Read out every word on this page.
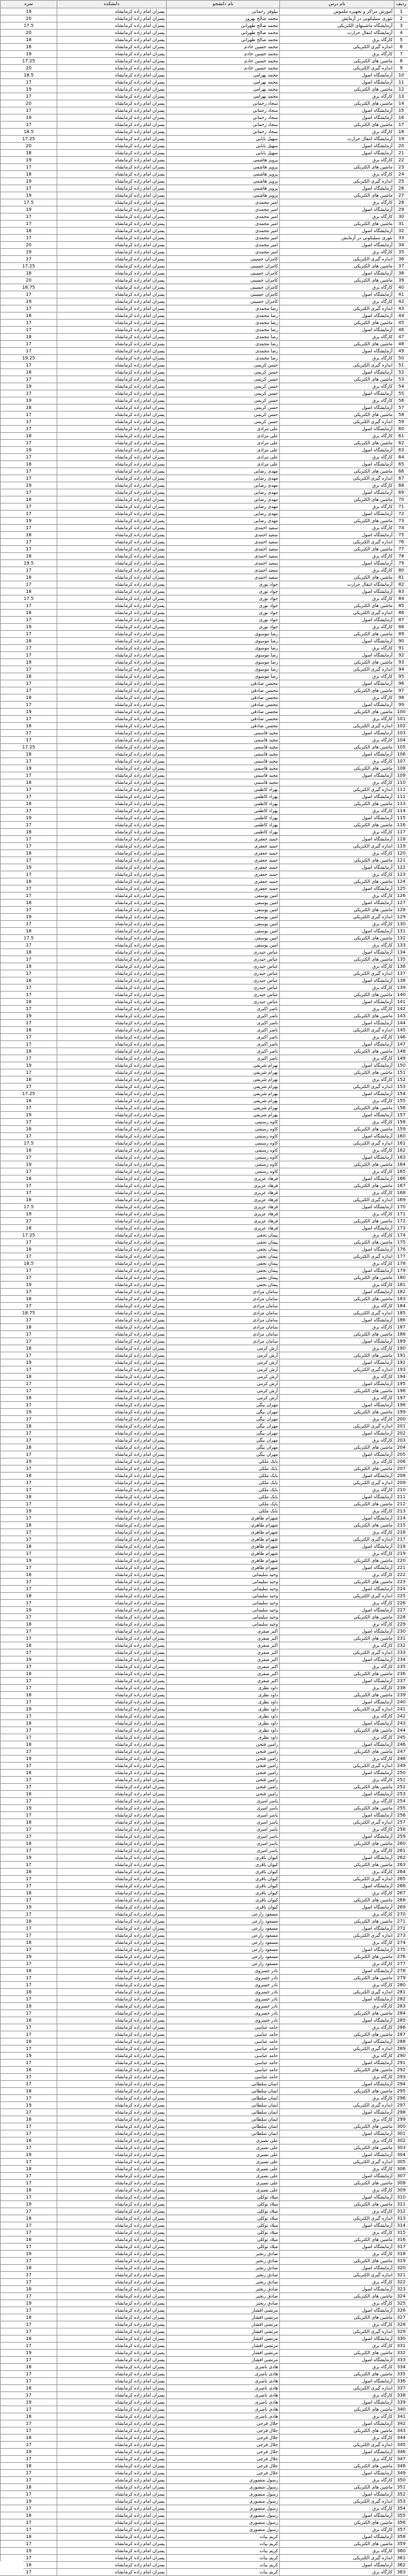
ردیف	نام درس	نام دانشجو	دانشکده	نمره
1	آموزش مراکز و تجهیزه ملموس	نیلوفر رحمانی	پسران امام زاده کرمانشاه	19
2	تئوری سیلیکونی در آزمایش	محمد صالح بهروز	پسران امام زاده کرمانشاه	20
3	آزمایشگاه ماشینهای الکتریکی	محمد صالح طهرانی	پسران امام زاده کرمانشاه	17.5
4	آزمایشگاه انتقال حرارت	محمد صالح طهرانی	پسران امام زاده کرمانشاه	20
5	کارگاه برق	محمد صالح طهرانی	پسران امام زاده کرمانشاه	18
6	اندازه گیری الکتریکی	محمد حسین خادم	پسران امام زاده کرمانشاه	18
7	کارگاه برق	محمد حسین خادم	پسران امام زاده کرمانشاه	19
8	ماشین های الکتریکی	محمد حسین خادم	پسران امام زاده کرمانشاه	17.25
9	اندازه گیری الکتریکی	محمد حسین خادم	پسران امام زاده کرمانشاه	20
10	آزمایشگاه اصول	محمد بهرامی	پسران امام زاده کرمانشاه	18.5
11	آزمایشگاه اصول	محمد بهرامی	پسران امام زاده کرمانشاه	17
12	ماشین های الکتریکی	محمد بهرامی	پسران امام زاده کرمانشاه	19
13	کارگاه برق	محمد بهرامی	پسران امام زاده کرمانشاه	17
14	ماشین های الکتریکی	سجاد رحمانی	پسران امام زاده کرمانشاه	20
15	آزمایشگاه اصول	سجاد رحمانی	پسران امام زاده کرمانشاه	17
16	آزمایشگاه اصول	سجاد رحمانی	پسران امام زاده کرمانشاه	19
17	ماشین های الکتریکی	سجاد رحمانی	پسران امام زاده کرمانشاه	17
18	کارگاه برق	سجاد رحمانی	پسران امام زاده کرمانشاه	18.5
19	آزمایشگاه انتقال حرارت	سهیل بابایی	پسران امام زاده کرمانشاه	17.25
20	آزمایشگاه اصول	سهیل بابایی	پسران امام زاده کرمانشاه	20
21	آزمایشگاه اصول	سهیل بابایی	پسران امام زاده کرمانشاه	18
22	کارگاه برق	پرویز هاشمی	پسران امام زاده کرمانشاه	19
23	ماشین های الکتریکی	پرویز هاشمی	پسران امام زاده کرمانشاه	17
24	کارگاه برق	پرویز هاشمی	پسران امام زاده کرمانشاه	18
25	اندازه گیری الکتریکی	پرویز هاشمی	پسران امام زاده کرمانشاه	19
26	آزمایشگاه اصول	پرویز هاشمی	پسران امام زاده کرمانشاه	17
27	ماشین های الکتریکی	پرویز هاشمی	پسران امام زاده کرمانشاه	19
28	کارگاه برق	امیر محمدی	پسران امام زاده کرمانشاه	17.5
29	آزمایشگاه اصول	امیر محمدی	پسران امام زاده کرمانشاه	19
30	کارگاه برق	امیر محمدی	پسران امام زاده کرمانشاه	17
31	ماشین های الکتریکی	امیر محمدی	پسران امام زاده کرمانشاه	17
32	آزمایشگاه اصول	امیر محمدی	پسران امام زاده کرمانشاه	18
33	تئوری سیلیکونی در آزمایش	امیر محمدی	پسران امام زاده کرمانشاه	17
34	آزمایشگاه اصول	امیر محمدی	پسران امام زاده کرمانشاه	20
35	کارگاه برق	امیر محمدی	پسران امام زاده کرمانشاه	19
36	اندازه گیری الکتریکی	کامران حسینی	پسران امام زاده کرمانشاه	17
37	ماشین های الکتریکی	کامران حسینی	پسران امام زاده کرمانشاه	17.25
38	آزمایشگاه اصول	کامران حسینی	پسران امام زاده کرمانشاه	18
39	ماشین های الکتریکی	کامران حسینی	پسران امام زاده کرمانشاه	20
40	کارگاه برق	کامران حسینی	پسران امام زاده کرمانشاه	18.75
41	آزمایشگاه اصول	کامران حسینی	پسران امام زاده کرمانشاه	17
42	کارگاه برق	کامران حسینی	پسران امام زاده کرمانشاه	19
43	اندازه گیری الکتریکی	رضا محمدی	پسران امام زاده کرمانشاه	17
44	آزمایشگاه اصول	رضا محمدی	پسران امام زاده کرمانشاه	18
45	ماشین های الکتریکی	رضا محمدی	پسران امام زاده کرمانشاه	17
46	آزمایشگاه اصول	رضا محمدی	پسران امام زاده کرمانشاه	17
47	کارگاه برق	رضا محمدی	پسران امام زاده کرمانشاه	18
48	ماشین های الکتریکی	رضا محمدی	پسران امام زاده کرمانشاه	17
49	آزمایشگاه اصول	رضا محمدی	پسران امام زاده کرمانشاه	17
50	کارگاه برق	رضا محمدی	پسران امام زاده کرمانشاه	19.25
51	اندازه گیری الکتریکی	حسن کریمی	پسران امام زاده کرمانشاه	17
52	آزمایشگاه اصول	حسن کریمی	پسران امام زاده کرمانشاه	18
53	ماشین های الکتریکی	حسن کریمی	پسران امام زاده کرمانشاه	17
54	کارگاه برق	حسن کریمی	پسران امام زاده کرمانشاه	19
55	آزمایشگاه اصول	حسن کریمی	پسران امام زاده کرمانشاه	17
56	کارگاه برق	حسن کریمی	پسران امام زاده کرمانشاه	19
57	آزمایشگاه اصول	حسن کریمی	پسران امام زاده کرمانشاه	18
58	ماشین های الکتریکی	حسن کریمی	پسران امام زاده کرمانشاه	17
59	اندازه گیری الکتریکی	حسن کریمی	پسران امام زاده کرمانشاه	17
60	آزمایشگاه اصول	علی مرادی	پسران امام زاده کرمانشاه	17
61	کارگاه برق	علی مرادی	پسران امام زاده کرمانشاه	18
62	ماشین های الکتریکی	علی مرادی	پسران امام زاده کرمانشاه	17
63	آزمایشگاه اصول	علی مرادی	پسران امام زاده کرمانشاه	19
64	کارگاه برق	علی مرادی	پسران امام زاده کرمانشاه	17
65	آزمایشگاه اصول	علی مرادی	پسران امام زاده کرمانشاه	18
66	ماشین های الکتریکی	مهدی رضایی	پسران امام زاده کرمانشاه	17
67	اندازه گیری الکتریکی	مهدی رضایی	پسران امام زاده کرمانشاه	17
68	کارگاه برق	مهدی رضایی	پسران امام زاده کرمانشاه	19
69	آزمایشگاه اصول	مهدی رضایی	پسران امام زاده کرمانشاه	17
70	ماشین های الکتریکی	مهدی رضایی	پسران امام زاده کرمانشاه	18
71	کارگاه برق	مهدی رضایی	پسران امام زاده کرمانشاه	17
72	آزمایشگاه اصول	مهدی رضایی	پسران امام زاده کرمانشاه	17
73	ماشین های الکتریکی	مهدی رضایی	پسران امام زاده کرمانشاه	19
74	کارگاه برق	سعید احمدی	پسران امام زاده کرمانشاه	17
75	آزمایشگاه اصول	سعید احمدی	پسران امام زاده کرمانشاه	18
76	اندازه گیری الکتریکی	سعید احمدی	پسران امام زاده کرمانشاه	17
77	ماشین های الکتریکی	سعید احمدی	پسران امام زاده کرمانشاه	17
78	کارگاه برق	سعید احمدی	پسران امام زاده کرمانشاه	18
79	آزمایشگاه اصول	سعید احمدی	پسران امام زاده کرمانشاه	19.5
80	کارگاه برق	سعید احمدی	پسران امام زاده کرمانشاه	17
81	ماشین های الکتریکی	سعید احمدی	پسران امام زاده کرمانشاه	18
82	آزمایشگاه انتقال حرارت	جواد نوری	پسران امام زاده کرمانشاه	17
83	آزمایشگاه اصول	جواد نوری	پسران امام زاده کرمانشاه	18
84	کارگاه برق	جواد نوری	پسران امام زاده کرمانشاه	17.5
85	ماشین های الکتریکی	جواد نوری	پسران امام زاده کرمانشاه	17
86	اندازه گیری الکتریکی	جواد نوری	پسران امام زاده کرمانشاه	18
87	آزمایشگاه اصول	جواد نوری	پسران امام زاده کرمانشاه	17
88	کارگاه برق	جواد نوری	پسران امام زاده کرمانشاه	19
89	ماشین های الکتریکی	رضا موسوی	پسران امام زاده کرمانشاه	17
90	آزمایشگاه اصول	رضا موسوی	پسران امام زاده کرمانشاه	18
91	کارگاه برق	رضا موسوی	پسران امام زاده کرمانشاه	17
92	آزمایشگاه اصول	رضا موسوی	پسران امام زاده کرمانشاه	17
93	ماشین های الکتریکی	رضا موسوی	پسران امام زاده کرمانشاه	19
94	اندازه گیری الکتریکی	رضا موسوی	پسران امام زاده کرمانشاه	17
95	کارگاه برق	رضا موسوی	پسران امام زاده کرمانشاه	18
96	آزمایشگاه اصول	محسن صادقی	پسران امام زاده کرمانشاه	17
97	ماشین های الکتریکی	محسن صادقی	پسران امام زاده کرمانشاه	17
98	کارگاه برق	محسن صادقی	پسران امام زاده کرمانشاه	18
99	آزمایشگاه اصول	محسن صادقی	پسران امام زاده کرمانشاه	17
100	ماشین های الکتریکی	محسن صادقی	پسران امام زاده کرمانشاه	19
101	کارگاه برق	محسن صادقی	پسران امام زاده کرمانشاه	17
102	اندازه گیری الکتریکی	محسن صادقی	پسران امام زاده کرمانشاه	18
103	آزمایشگاه اصول	مجید قاسمی	پسران امام زاده کرمانشاه	17
104	کارگاه برق	مجید قاسمی	پسران امام زاده کرمانشاه	17
105	ماشین های الکتریکی	مجید قاسمی	پسران امام زاده کرمانشاه	17.25
106	آزمایشگاه اصول	مجید قاسمی	پسران امام زاده کرمانشاه	18
107	کارگاه برق	مجید قاسمی	پسران امام زاده کرمانشاه	17
108	ماشین های الکتریکی	مجید قاسمی	پسران امام زاده کرمانشاه	19
109	آزمایشگاه اصول	مجید قاسمی	پسران امام زاده کرمانشاه	17
110	کارگاه برق	مجید قاسمی	پسران امام زاده کرمانشاه	18
111	اندازه گیری الکتریکی	بهزاد کاظمی	پسران امام زاده کرمانشاه	17
112	آزمایشگاه اصول	بهزاد کاظمی	پسران امام زاده کرمانشاه	17
113	ماشین های الکتریکی	بهزاد کاظمی	پسران امام زاده کرمانشاه	18
114	کارگاه برق	بهزاد کاظمی	پسران امام زاده کرمانشاه	17
115	آزمایشگاه اصول	بهزاد کاظمی	پسران امام زاده کرمانشاه	19
116	ماشین های الکتریکی	بهزاد کاظمی	پسران امام زاده کرمانشاه	17
117	کارگاه برق	بهزاد کاظمی	پسران امام زاده کرمانشاه	18
118	آزمایشگاه اصول	حمید جعفری	پسران امام زاده کرمانشاه	17
119	اندازه گیری الکتریکی	حمید جعفری	پسران امام زاده کرمانشاه	17
120	کارگاه برق	حمید جعفری	پسران امام زاده کرمانشاه	18
121	ماشین های الکتریکی	حمید جعفری	پسران امام زاده کرمانشاه	17
122	آزمایشگاه اصول	حمید جعفری	پسران امام زاده کرمانشاه	19
123	کارگاه برق	حمید جعفری	پسران امام زاده کرمانشاه	17
124	ماشین های الکتریکی	حمید جعفری	پسران امام زاده کرمانشاه	18
125	آزمایشگاه اصول	حمید جعفری	پسران امام زاده کرمانشاه	17
126	کارگاه برق	امین یوسفی	پسران امام زاده کرمانشاه	17
127	آزمایشگاه اصول	امین یوسفی	پسران امام زاده کرمانشاه	18
128	ماشین های الکتریکی	امین یوسفی	پسران امام زاده کرمانشاه	17
129	اندازه گیری الکتریکی	امین یوسفی	پسران امام زاده کرمانشاه	19
130	کارگاه برق	امین یوسفی	پسران امام زاده کرمانشاه	17
131	آزمایشگاه اصول	امین یوسفی	پسران امام زاده کرمانشاه	18
132	ماشین های الکتریکی	امین یوسفی	پسران امام زاده کرمانشاه	17.5
133	کارگاه برق	امین یوسفی	پسران امام زاده کرمانشاه	17
134	آزمایشگاه اصول	عباس حیدری	پسران امام زاده کرمانشاه	18
135	ماشین های الکتریکی	عباس حیدری	پسران امام زاده کرمانشاه	17
136	کارگاه برق	عباس حیدری	پسران امام زاده کرمانشاه	19
137	اندازه گیری الکتریکی	عباس حیدری	پسران امام زاده کرمانشاه	17
138	آزمایشگاه اصول	عباس حیدری	پسران امام زاده کرمانشاه	18
139	کارگاه برق	عباس حیدری	پسران امام زاده کرمانشاه	17
140	ماشین های الکتریکی	عباس حیدری	پسران امام زاده کرمانشاه	17
141	آزمایشگاه اصول	عباس حیدری	پسران امام زاده کرمانشاه	18
142	کارگاه برق	ناصر اکبری	پسران امام زاده کرمانشاه	17
143	ماشین های الکتریکی	ناصر اکبری	پسران امام زاده کرمانشاه	19
144	آزمایشگاه اصول	ناصر اکبری	پسران امام زاده کرمانشاه	17
145	اندازه گیری الکتریکی	ناصر اکبری	پسران امام زاده کرمانشاه	18
146	کارگاه برق	ناصر اکبری	پسران امام زاده کرمانشاه	17
147	آزمایشگاه اصول	ناصر اکبری	پسران امام زاده کرمانشاه	17
148	ماشین های الکتریکی	ناصر اکبری	پسران امام زاده کرمانشاه	18
149	کارگاه برق	ناصر اکبری	پسران امام زاده کرمانشاه	17
150	آزمایشگاه اصول	بهرام شریفی	پسران امام زاده کرمانشاه	19
151	ماشین های الکتریکی	بهرام شریفی	پسران امام زاده کرمانشاه	17
152	کارگاه برق	بهرام شریفی	پسران امام زاده کرمانشاه	18
153	اندازه گیری الکتریکی	بهرام شریفی	پسران امام زاده کرمانشاه	17
154	آزمایشگاه اصول	بهرام شریفی	پسران امام زاده کرمانشاه	17.25
155	کارگاه برق	بهرام شریفی	پسران امام زاده کرمانشاه	18
156	ماشین های الکتریکی	بهرام شریفی	پسران امام زاده کرمانشاه	17
157	آزمایشگاه اصول	بهرام شریفی	پسران امام زاده کرمانشاه	19
158	کارگاه برق	کاوه رستمی	پسران امام زاده کرمانشاه	17
159	ماشین های الکتریکی	کاوه رستمی	پسران امام زاده کرمانشاه	18
160	آزمایشگاه اصول	کاوه رستمی	پسران امام زاده کرمانشاه	17
161	اندازه گیری الکتریکی	کاوه رستمی	پسران امام زاده کرمانشاه	17.5
162	کارگاه برق	کاوه رستمی	پسران امام زاده کرمانشاه	18
163	آزمایشگاه اصول	کاوه رستمی	پسران امام زاده کرمانشاه	17
164	ماشین های الکتریکی	کاوه رستمی	پسران امام زاده کرمانشاه	19
165	کارگاه برق	کاوه رستمی	پسران امام زاده کرمانشاه	17
166	آزمایشگاه اصول	فرهاد عزیزی	پسران امام زاده کرمانشاه	18
167	ماشین های الکتریکی	فرهاد عزیزی	پسران امام زاده کرمانشاه	17
168	کارگاه برق	فرهاد عزیزی	پسران امام زاده کرمانشاه	17
169	اندازه گیری الکتریکی	فرهاد عزیزی	پسران امام زاده کرمانشاه	18
170	آزمایشگاه اصول	فرهاد عزیزی	پسران امام زاده کرمانشاه	17.5
171	کارگاه برق	فرهاد عزیزی	پسران امام زاده کرمانشاه	19
172	ماشین های الکتریکی	فرهاد عزیزی	پسران امام زاده کرمانشاه	17
173	آزمایشگاه اصول	فرهاد عزیزی	پسران امام زاده کرمانشاه	18
174	کارگاه برق	پیمان نجفی	پسران امام زاده کرمانشاه	17.25
175	ماشین های الکتریکی	پیمان نجفی	پسران امام زاده کرمانشاه	17
176	آزمایشگاه اصول	پیمان نجفی	پسران امام زاده کرمانشاه	18
177	اندازه گیری الکتریکی	پیمان نجفی	پسران امام زاده کرمانشاه	17
178	کارگاه برق	پیمان نجفی	پسران امام زاده کرمانشاه	18.5
179	آزمایشگاه اصول	پیمان نجفی	پسران امام زاده کرمانشاه	17
180	ماشین های الکتریکی	پیمان نجفی	پسران امام زاده کرمانشاه	17
181	کارگاه برق	پیمان نجفی	پسران امام زاده کرمانشاه	19
182	آزمایشگاه اصول	سامان مرادی	پسران امام زاده کرمانشاه	17
183	ماشین های الکتریکی	سامان مرادی	پسران امام زاده کرمانشاه	18
184	کارگاه برق	سامان مرادی	پسران امام زاده کرمانشاه	17
185	اندازه گیری الکتریکی	سامان مرادی	پسران امام زاده کرمانشاه	18.75
186	آزمایشگاه اصول	سامان مرادی	پسران امام زاده کرمانشاه	17
187	کارگاه برق	سامان مرادی	پسران امام زاده کرمانشاه	18
188	ماشین های الکتریکی	سامان مرادی	پسران امام زاده کرمانشاه	17
189	آزمایشگاه اصول	سامان مرادی	پسران امام زاده کرمانشاه	17
190	کارگاه برق	آرش کرمی	پسران امام زاده کرمانشاه	18
191	ماشین های الکتریکی	آرش کرمی	پسران امام زاده کرمانشاه	17
192	آزمایشگاه اصول	آرش کرمی	پسران امام زاده کرمانشاه	19
193	اندازه گیری الکتریکی	آرش کرمی	پسران امام زاده کرمانشاه	17
194	کارگاه برق	آرش کرمی	پسران امام زاده کرمانشاه	18
195	آزمایشگاه اصول	آرش کرمی	پسران امام زاده کرمانشاه	17
196	ماشین های الکتریکی	آرش کرمی	پسران امام زاده کرمانشاه	17
197	کارگاه برق	آرش کرمی	پسران امام زاده کرمانشاه	18
198	آزمایشگاه اصول	مهران بیگی	پسران امام زاده کرمانشاه	17
199	ماشین های الکتریکی	مهران بیگی	پسران امام زاده کرمانشاه	19
200	کارگاه برق	مهران بیگی	پسران امام زاده کرمانشاه	17
201	اندازه گیری الکتریکی	مهران بیگی	پسران امام زاده کرمانشاه	18
202	آزمایشگاه اصول	مهران بیگی	پسران امام زاده کرمانشاه	17
203	کارگاه برق	مهران بیگی	پسران امام زاده کرمانشاه	17
204	ماشین های الکتریکی	مهران بیگی	پسران امام زاده کرمانشاه	18
205	آزمایشگاه اصول	مهران بیگی	پسران امام زاده کرمانشاه	17
206	کارگاه برق	بابک ملکی	پسران امام زاده کرمانشاه	19
207	ماشین های الکتریکی	بابک ملکی	پسران امام زاده کرمانشاه	17
208	آزمایشگاه اصول	بابک ملکی	پسران امام زاده کرمانشاه	18
209	اندازه گیری الکتریکی	بابک ملکی	پسران امام زاده کرمانشاه	17
210	کارگاه برق	بابک ملکی	پسران امام زاده کرمانشاه	17
211	آزمایشگاه اصول	بابک ملکی	پسران امام زاده کرمانشاه	18
212	ماشین های الکتریکی	بابک ملکی	پسران امام زاده کرمانشاه	17
213	کارگاه برق	بابک ملکی	پسران امام زاده کرمانشاه	19
214	آزمایشگاه اصول	شهرام طاهری	پسران امام زاده کرمانشاه	17
215	ماشین های الکتریکی	شهرام طاهری	پسران امام زاده کرمانشاه	18
216	کارگاه برق	شهرام طاهری	پسران امام زاده کرمانشاه	17
217	اندازه گیری الکتریکی	شهرام طاهری	پسران امام زاده کرمانشاه	17
218	آزمایشگاه اصول	شهرام طاهری	پسران امام زاده کرمانشاه	18
219	کارگاه برق	شهرام طاهری	پسران امام زاده کرمانشاه	17
220	ماشین های الکتریکی	شهرام طاهری	پسران امام زاده کرمانشاه	19
221	آزمایشگاه اصول	شهرام طاهری	پسران امام زاده کرمانشاه	17
222	کارگاه برق	وحید سلیمانی	پسران امام زاده کرمانشاه	18
223	ماشین های الکتریکی	وحید سلیمانی	پسران امام زاده کرمانشاه	17
224	آزمایشگاه اصول	وحید سلیمانی	پسران امام زاده کرمانشاه	17
225	اندازه گیری الکتریکی	وحید سلیمانی	پسران امام زاده کرمانشاه	18
226	کارگاه برق	وحید سلیمانی	پسران امام زاده کرمانشاه	17
227	آزمایشگاه اصول	وحید سلیمانی	پسران امام زاده کرمانشاه	19
228	ماشین های الکتریکی	وحید سلیمانی	پسران امام زاده کرمانشاه	17
229	کارگاه برق	وحید سلیمانی	پسران امام زاده کرمانشاه	18
230	آزمایشگاه اصول	اکبر صفری	پسران امام زاده کرمانشاه	17
231	ماشین های الکتریکی	اکبر صفری	پسران امام زاده کرمانشاه	17
232	کارگاه برق	اکبر صفری	پسران امام زاده کرمانشاه	18
233	اندازه گیری الکتریکی	اکبر صفری	پسران امام زاده کرمانشاه	17
234	آزمایشگاه اصول	اکبر صفری	پسران امام زاده کرمانشاه	19
235	کارگاه برق	اکبر صفری	پسران امام زاده کرمانشاه	17
236	ماشین های الکتریکی	اکبر صفری	پسران امام زاده کرمانشاه	18
237	آزمایشگاه اصول	اکبر صفری	پسران امام زاده کرمانشاه	17
238	کارگاه برق	داود نظری	پسران امام زاده کرمانشاه	17
239	ماشین های الکتریکی	داود نظری	پسران امام زاده کرمانشاه	18
240	آزمایشگاه اصول	داود نظری	پسران امام زاده کرمانشاه	17
241	اندازه گیری الکتریکی	داود نظری	پسران امام زاده کرمانشاه	19
242	کارگاه برق	داود نظری	پسران امام زاده کرمانشاه	17
243	آزمایشگاه اصول	داود نظری	پسران امام زاده کرمانشاه	18
244	ماشین های الکتریکی	داود نظری	پسران امام زاده کرمانشاه	17
245	کارگاه برق	داود نظری	پسران امام زاده کرمانشاه	17
246	آزمایشگاه اصول	رامین فتحی	پسران امام زاده کرمانشاه	18
247	ماشین های الکتریکی	رامین فتحی	پسران امام زاده کرمانشاه	17
248	کارگاه برق	رامین فتحی	پسران امام زاده کرمانشاه	19
249	اندازه گیری الکتریکی	رامین فتحی	پسران امام زاده کرمانشاه	17
250	آزمایشگاه اصول	رامین فتحی	پسران امام زاده کرمانشاه	18
251	کارگاه برق	رامین فتحی	پسران امام زاده کرمانشاه	17
252	ماشین های الکتریکی	رامین فتحی	پسران امام زاده کرمانشاه	17
253	آزمایشگاه اصول	رامین فتحی	پسران امام زاده کرمانشاه	18
254	کارگاه برق	یاسر امیری	پسران امام زاده کرمانشاه	17
255	ماشین های الکتریکی	یاسر امیری	پسران امام زاده کرمانشاه	19
256	آزمایشگاه اصول	یاسر امیری	پسران امام زاده کرمانشاه	17
257	اندازه گیری الکتریکی	یاسر امیری	پسران امام زاده کرمانشاه	18
258	کارگاه برق	یاسر امیری	پسران امام زاده کرمانشاه	17
259	آزمایشگاه اصول	یاسر امیری	پسران امام زاده کرمانشاه	17
260	ماشین های الکتریکی	یاسر امیری	پسران امام زاده کرمانشاه	18
261	کارگاه برق	یاسر امیری	پسران امام زاده کرمانشاه	17
262	آزمایشگاه اصول	کیوان باقری	پسران امام زاده کرمانشاه	19
263	ماشین های الکتریکی	کیوان باقری	پسران امام زاده کرمانشاه	17
264	کارگاه برق	کیوان باقری	پسران امام زاده کرمانشاه	18
265	اندازه گیری الکتریکی	کیوان باقری	پسران امام زاده کرمانشاه	17
266	آزمایشگاه اصول	کیوان باقری	پسران امام زاده کرمانشاه	17
267	کارگاه برق	کیوان باقری	پسران امام زاده کرمانشاه	18
268	ماشین های الکتریکی	کیوان باقری	پسران امام زاده کرمانشاه	17
269	آزمایشگاه اصول	کیوان باقری	پسران امام زاده کرمانشاه	19
270	کارگاه برق	مسعود زارعی	پسران امام زاده کرمانشاه	17
271	ماشین های الکتریکی	مسعود زارعی	پسران امام زاده کرمانشاه	18
272	آزمایشگاه اصول	مسعود زارعی	پسران امام زاده کرمانشاه	17
273	اندازه گیری الکتریکی	مسعود زارعی	پسران امام زاده کرمانشاه	17
274	کارگاه برق	مسعود زارعی	پسران امام زاده کرمانشاه	18
275	آزمایشگاه اصول	مسعود زارعی	پسران امام زاده کرمانشاه	17
276	ماشین های الکتریکی	مسعود زارعی	پسران امام زاده کرمانشاه	19
277	کارگاه برق	مسعود زارعی	پسران امام زاده کرمانشاه	17
278	آزمایشگاه اصول	نادر خسروی	پسران امام زاده کرمانشاه	18
279	ماشین های الکتریکی	نادر خسروی	پسران امام زاده کرمانشاه	17
280	کارگاه برق	نادر خسروی	پسران امام زاده کرمانشاه	17
281	اندازه گیری الکتریکی	نادر خسروی	پسران امام زاده کرمانشاه	18
282	آزمایشگاه اصول	نادر خسروی	پسران امام زاده کرمانشاه	17
283	کارگاه برق	نادر خسروی	پسران امام زاده کرمانشاه	19
284	ماشین های الکتریکی	نادر خسروی	پسران امام زاده کرمانشاه	17
285	آزمایشگاه اصول	نادر خسروی	پسران امام زاده کرمانشاه	18
286	کارگاه برق	حامد عباسی	پسران امام زاده کرمانشاه	17
287	ماشین های الکتریکی	حامد عباسی	پسران امام زاده کرمانشاه	17
288	آزمایشگاه اصول	حامد عباسی	پسران امام زاده کرمانشاه	18
289	اندازه گیری الکتریکی	حامد عباسی	پسران امام زاده کرمانشاه	17
290	کارگاه برق	حامد عباسی	پسران امام زاده کرمانشاه	19
291	آزمایشگاه اصول	حامد عباسی	پسران امام زاده کرمانشاه	17
292	ماشین های الکتریکی	حامد عباسی	پسران امام زاده کرمانشاه	18
293	کارگاه برق	حامد عباسی	پسران امام زاده کرمانشاه	17
294	آزمایشگاه اصول	ایمان سلطانی	پسران امام زاده کرمانشاه	17
295	ماشین های الکتریکی	ایمان سلطانی	پسران امام زاده کرمانشاه	18
296	کارگاه برق	ایمان سلطانی	پسران امام زاده کرمانشاه	17
297	اندازه گیری الکتریکی	ایمان سلطانی	پسران امام زاده کرمانشاه	19
298	آزمایشگاه اصول	ایمان سلطانی	پسران امام زاده کرمانشاه	17
299	کارگاه برق	ایمان سلطانی	پسران امام زاده کرمانشاه	18
300	ماشین های الکتریکی	ایمان سلطانی	پسران امام زاده کرمانشاه	17
301	آزمایشگاه اصول	ایمان سلطانی	پسران امام زاده کرمانشاه	17
302	کارگاه برق	علی نصیری	پسران امام زاده کرمانشاه	18
303	ماشین های الکتریکی	علی نصیری	پسران امام زاده کرمانشاه	17
304	آزمایشگاه اصول	علی نصیری	پسران امام زاده کرمانشاه	19
305	اندازه گیری الکتریکی	علی نصیری	پسران امام زاده کرمانشاه	17
306	کارگاه برق	علی نصیری	پسران امام زاده کرمانشاه	18
307	آزمایشگاه اصول	علی نصیری	پسران امام زاده کرمانشاه	17
308	ماشین های الکتریکی	علی نصیری	پسران امام زاده کرمانشاه	17
309	کارگاه برق	علی نصیری	پسران امام زاده کرمانشاه	18
310	آزمایشگاه اصول	میلاد توکلی	پسران امام زاده کرمانشاه	17
311	ماشین های الکتریکی	میلاد توکلی	پسران امام زاده کرمانشاه	19
312	کارگاه برق	میلاد توکلی	پسران امام زاده کرمانشاه	17
313	اندازه گیری الکتریکی	میلاد توکلی	پسران امام زاده کرمانشاه	18
314	آزمایشگاه اصول	میلاد توکلی	پسران امام زاده کرمانشاه	17
315	کارگاه برق	میلاد توکلی	پسران امام زاده کرمانشاه	17
316	ماشین های الکتریکی	میلاد توکلی	پسران امام زاده کرمانشاه	18
317	آزمایشگاه اصول	میلاد توکلی	پسران امام زاده کرمانشاه	17
318	کارگاه برق	صادق رنجبر	پسران امام زاده کرمانشاه	19
319	ماشین های الکتریکی	صادق رنجبر	پسران امام زاده کرمانشاه	17
320	آزمایشگاه اصول	صادق رنجبر	پسران امام زاده کرمانشاه	18
321	اندازه گیری الکتریکی	صادق رنجبر	پسران امام زاده کرمانشاه	17
322	کارگاه برق	صادق رنجبر	پسران امام زاده کرمانشاه	17
323	آزمایشگاه اصول	صادق رنجبر	پسران امام زاده کرمانشاه	18
324	ماشین های الکتریکی	صادق رنجبر	پسران امام زاده کرمانشاه	17
325	کارگاه برق	صادق رنجبر	پسران امام زاده کرمانشاه	19
326	آزمایشگاه اصول	مرتضی افشار	پسران امام زاده کرمانشاه	17
327	ماشین های الکتریکی	مرتضی افشار	پسران امام زاده کرمانشاه	18
328	کارگاه برق	مرتضی افشار	پسران امام زاده کرمانشاه	17
329	اندازه گیری الکتریکی	مرتضی افشار	پسران امام زاده کرمانشاه	17
330	آزمایشگاه اصول	مرتضی افشار	پسران امام زاده کرمانشاه	18
331	کارگاه برق	مرتضی افشار	پسران امام زاده کرمانشاه	17
332	ماشین های الکتریکی	مرتضی افشار	پسران امام زاده کرمانشاه	19
333	آزمایشگاه اصول	مرتضی افشار	پسران امام زاده کرمانشاه	17
334	کارگاه برق	هادی ناصری	پسران امام زاده کرمانشاه	18
335	ماشین های الکتریکی	هادی ناصری	پسران امام زاده کرمانشاه	17
336	آزمایشگاه اصول	هادی ناصری	پسران امام زاده کرمانشاه	17
337	اندازه گیری الکتریکی	هادی ناصری	پسران امام زاده کرمانشاه	18
338	کارگاه برق	هادی ناصری	پسران امام زاده کرمانشاه	17
339	آزمایشگاه اصول	هادی ناصری	پسران امام زاده کرمانشاه	19
340	ماشین های الکتریکی	هادی ناصری	پسران امام زاده کرمانشاه	17
341	کارگاه برق	هادی ناصری	پسران امام زاده کرمانشاه	18
342	آزمایشگاه اصول	جلال فرجی	پسران امام زاده کرمانشاه	17
343	ماشین های الکتریکی	جلال فرجی	پسران امام زاده کرمانشاه	17
344	کارگاه برق	جلال فرجی	پسران امام زاده کرمانشاه	18
345	اندازه گیری الکتریکی	جلال فرجی	پسران امام زاده کرمانشاه	17
346	آزمایشگاه اصول	جلال فرجی	پسران امام زاده کرمانشاه	19
347	کارگاه برق	جلال فرجی	پسران امام زاده کرمانشاه	17
348	ماشین های الکتریکی	جلال فرجی	پسران امام زاده کرمانشاه	18
349	آزمایشگاه اصول	جلال فرجی	پسران امام زاده کرمانشاه	17
350	کارگاه برق	رسول منصوری	پسران امام زاده کرمانشاه	17
351	ماشین های الکتریکی	رسول منصوری	پسران امام زاده کرمانشاه	18
352	آزمایشگاه اصول	رسول منصوری	پسران امام زاده کرمانشاه	17
353	اندازه گیری الکتریکی	رسول منصوری	پسران امام زاده کرمانشاه	19
354	کارگاه برق	رسول منصوری	پسران امام زاده کرمانشاه	17
355	آزمایشگاه اصول	رسول منصوری	پسران امام زاده کرمانشاه	18
356	ماشین های الکتریکی	رسول منصوری	پسران امام زاده کرمانشاه	17
357	کارگاه برق	رسول منصوری	پسران امام زاده کرمانشاه	17
358	آزمایشگاه اصول	کریم بیات	پسران امام زاده کرمانشاه	18
359	ماشین های الکتریکی	کریم بیات	پسران امام زاده کرمانشاه	17
360	کارگاه برق	کریم بیات	پسران امام زاده کرمانشاه	19
361	اندازه گیری الکتریکی	کریم بیات	پسران امام زاده کرمانشاه	17
362	آزمایشگاه اصول	کریم بیات	پسران امام زاده کرمانشاه	18
363	کارگاه برق	کریم بیات	پسران امام زاده کرمانشاه	17
